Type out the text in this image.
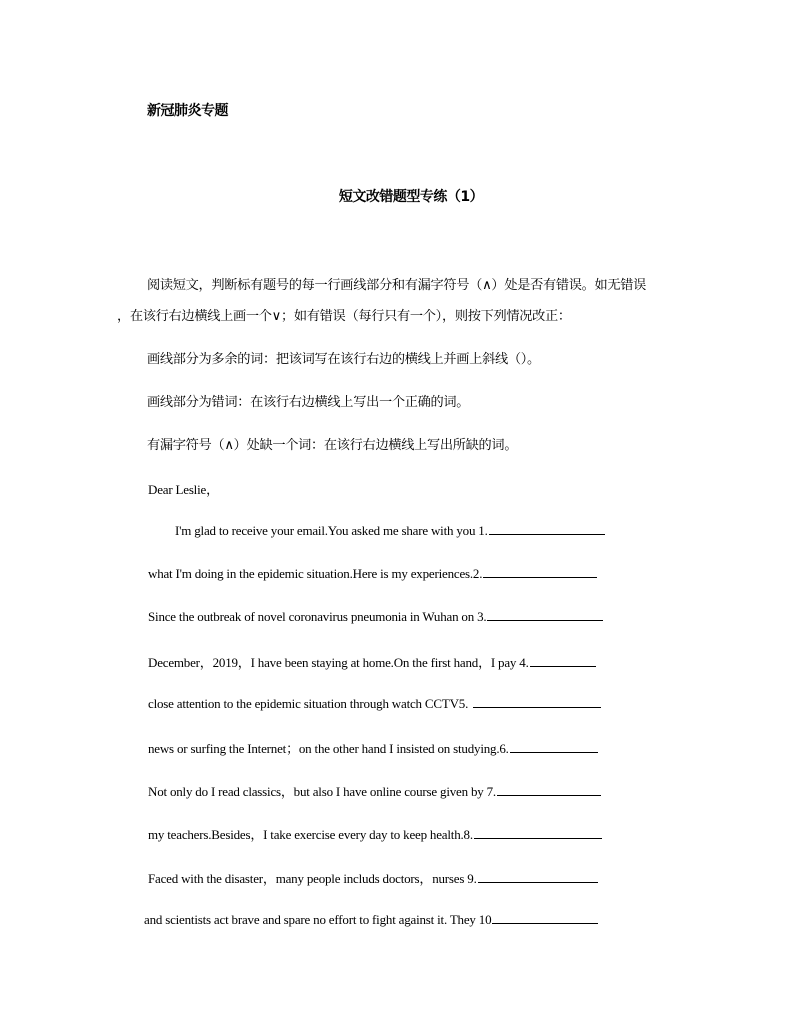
新冠肺炎专题
短文改错题型专练（1）
阅读短文，判断标有题号的每一行画线部分和有漏字符号（∧）处是否有错误。如无错误
，在该行右边横线上画一个∨；如有错误（每行只有一个），则按下列情况改正：
画线部分为多余的词：把该词写在该行右边的横线上并画上斜线（）。
画线部分为错词：在该行右边横线上写出一个正确的词。
有漏字符号（∧）处缺一个词：在该行右边横线上写出所缺的词。
Dear Leslie，
I'm glad to receive your email.You asked me share with you 1.
what I'm doing in the epidemic situation.Here is my experiences.2.
Since the outbreak of novel coronavirus pneumonia in Wuhan on 3.
December，2019，I have been staying at home.On the first hand，I pay 4.
close attention to the epidemic situation through watch CCTV5.
news or surfing the Internet；on the other hand I insisted on studying.6.
Not only do I read classics，but also I have online course given by 7.
my teachers.Besides，I take exercise every day to keep health.8.
Faced with the disaster，many people includs doctors，nurses 9.
and scientists act brave and spare no effort to fight against it. They 10
